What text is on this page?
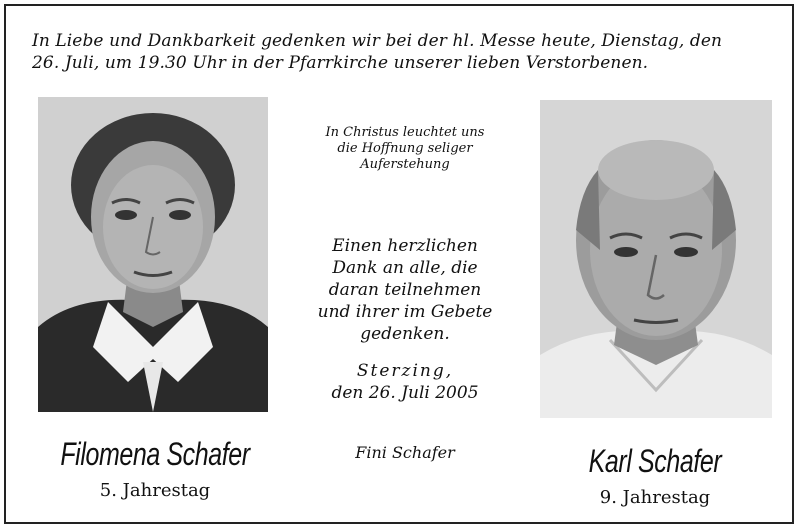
In Liebe und Dankbarkeit gedenken wir bei der hl. Messe heute, Dienstag, den
26. Juli, um 19.30 Uhr in der Pfarrkirche unserer lieben Verstorbenen.
In Christus leuchtet uns
die Hoffnung seliger
Auferstehung
Einen herzlichen
Dank an alle, die
daran teilnehmen
und ihrer im Gebete
gedenken.
Sterzing,
den 26. Juli 2005
Fini Schafer
Filomena Schafer
5. Jahrestag
Karl Schafer
9. Jahrestag
